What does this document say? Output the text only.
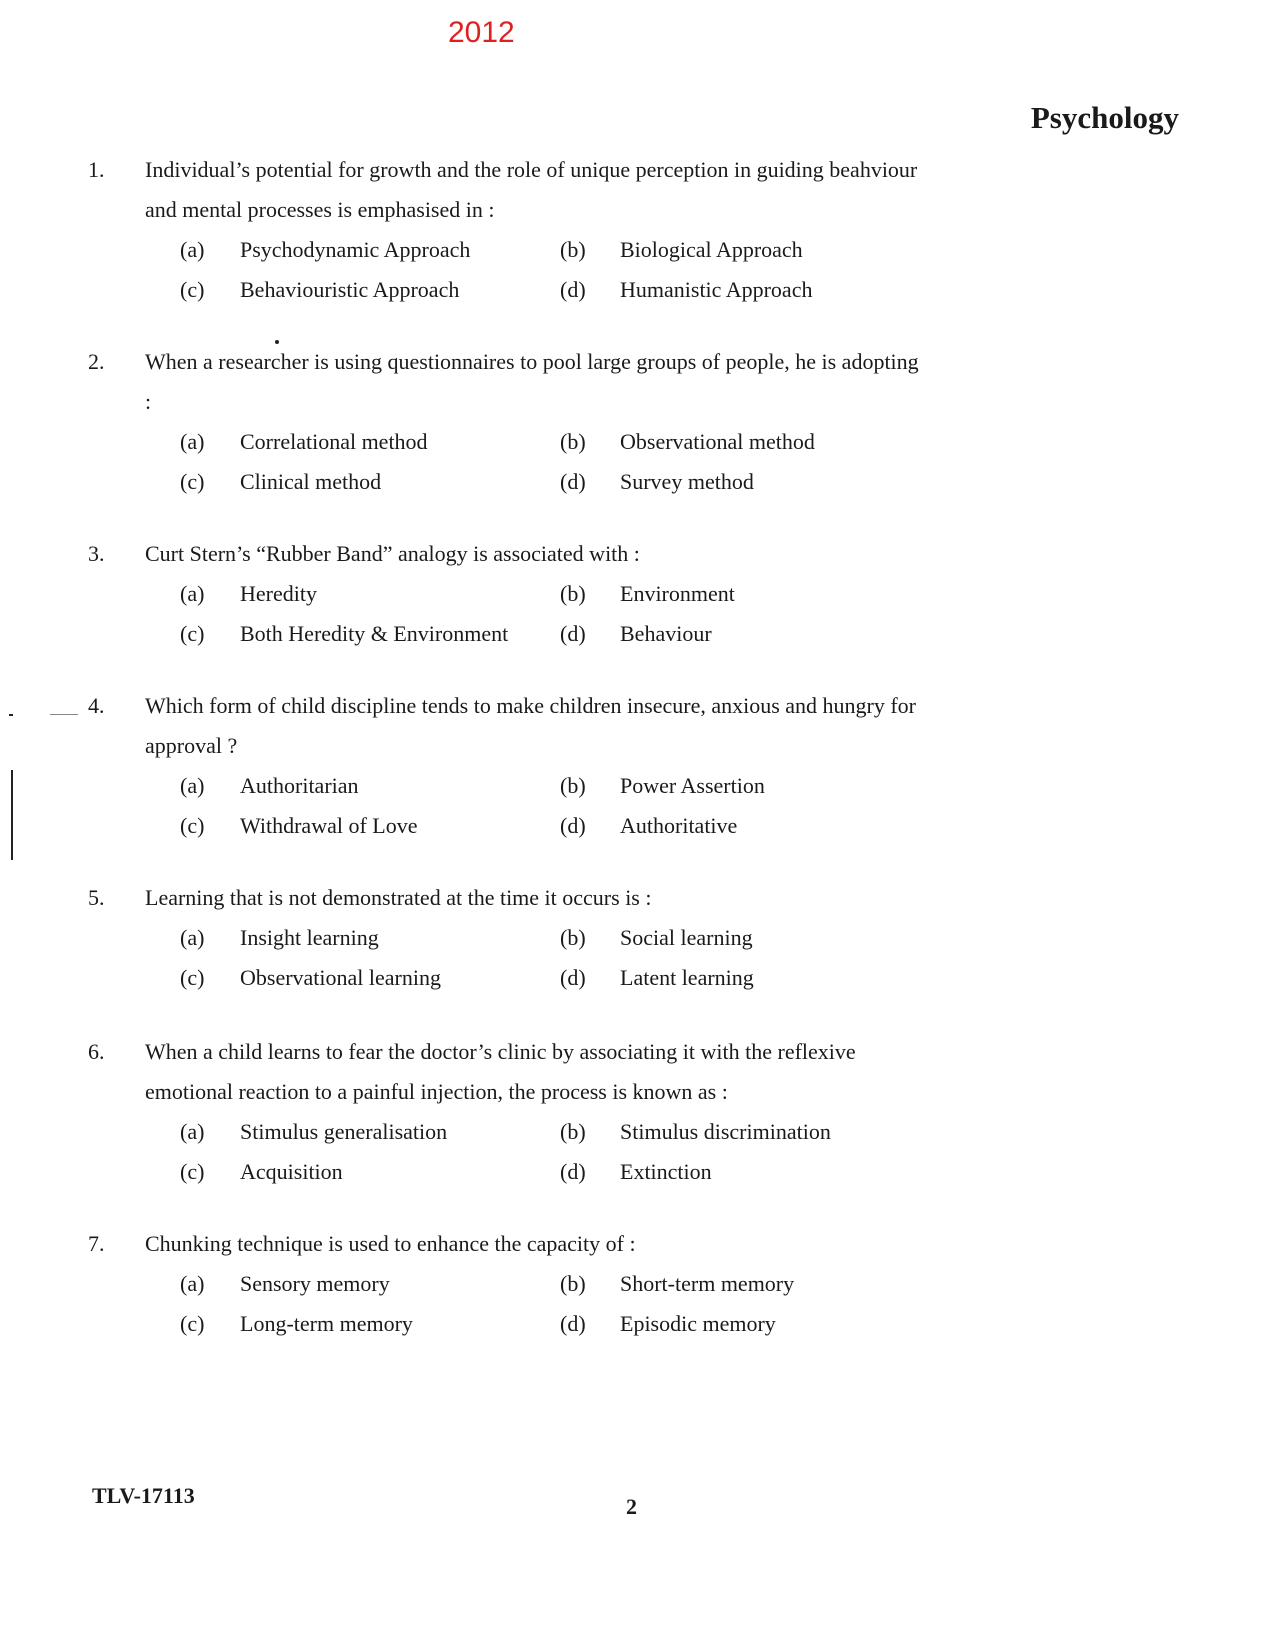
2012
Psychology
1.	Individual’s potential for growth and the role of unique perception in guiding beahviour and mental processes is emphasised in :
(a)	Psychodynamic Approach	(b)	Biological Approach
(c)	Behaviouristic Approach	(d)	Humanistic Approach
2.	When a researcher is using questionnaires to pool large groups of people, he is adopting :
(a)	Correlational method	(b)	Observational method
(c)	Clinical method	(d)	Survey method
3.	Curt Stern’s “Rubber Band” analogy is associated with :
(a)	Heredity	(b)	Environment
(c)	Both Heredity & Environment (d)	Behaviour
4.	Which form of child discipline tends to make children insecure, anxious and hungry for approval ?
(a)	Authoritarian	(b)	Power Assertion
(c)	Withdrawal of Love	(d)	Authoritative
5.	Learning that is not demonstrated at the time it occurs is :
(a)	Insight learning	(b)	Social learning
(c)	Observational learning	(d)	Latent learning
6.	When a child learns to fear the doctor’s clinic by associating it with the reflexive emotional reaction to a painful injection, the process is known as :
(a)	Stimulus generalisation	(b)	Stimulus discrimination
(c)	Acquisition	(d)	Extinction
7.	Chunking technique is used to enhance the capacity of :
(a)	Sensory memory	(b)	Short-term memory
(c)	Long-term memory	(d)	Episodic memory
TLV-17113	2
